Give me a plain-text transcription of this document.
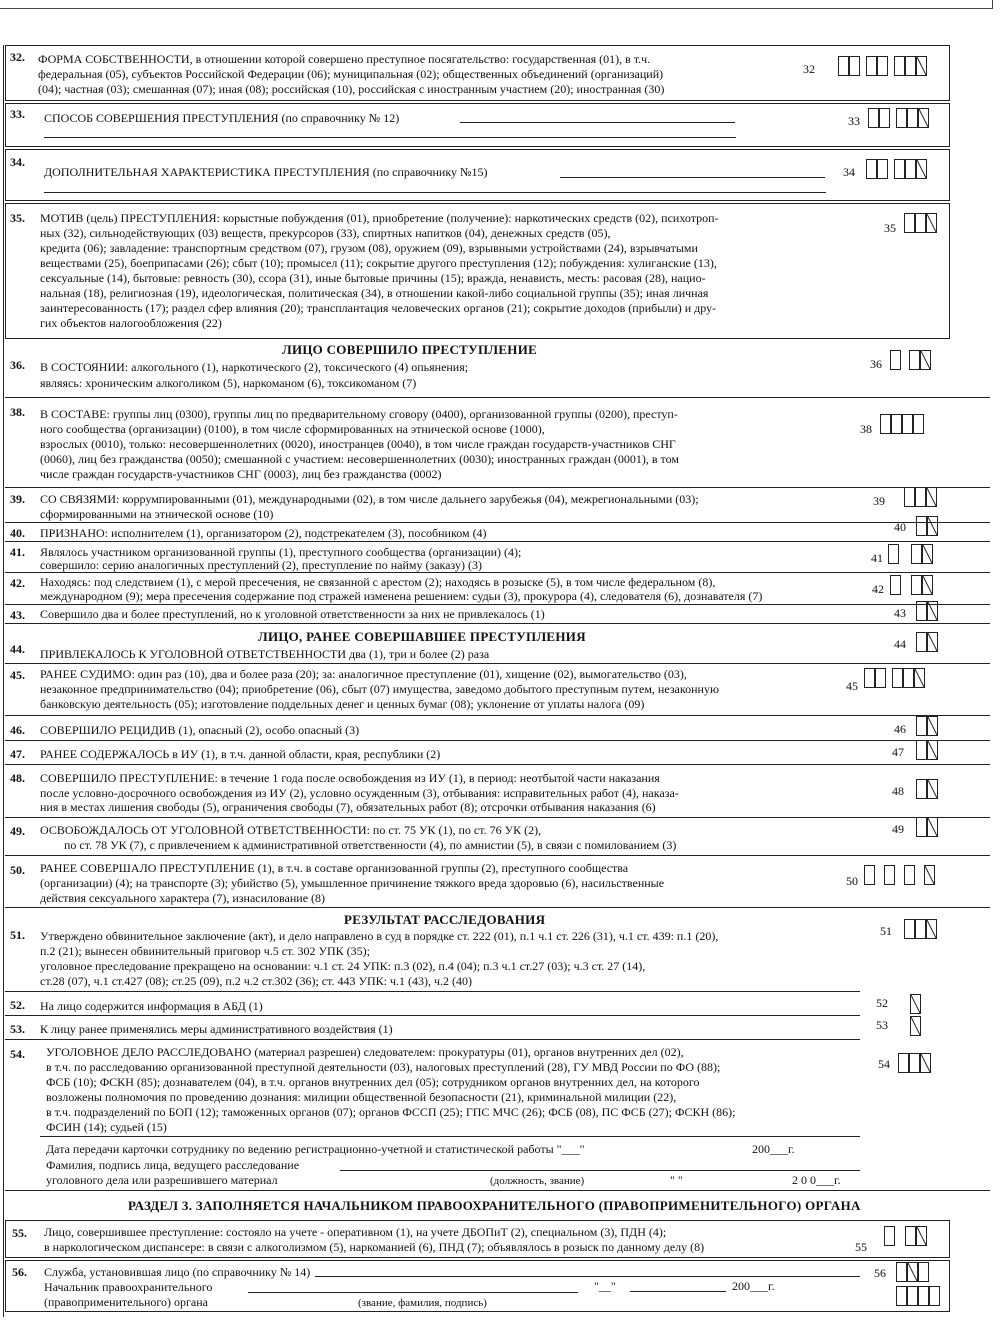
32. ФОРМА СОБСТВЕННОСТИ, в отношении которой совершено преступное посягательство: государственная (01), в т.ч.
федеральная (05), субъектов Российской Федерации (06); муниципальная (02); общественных объединений (организаций)
(04); частная (03); смешанная (07); иная (08); российская (10), российская с иностранным участием (20); иностранная (30)
32
33. СПОСОБ СОВЕРШЕНИЯ ПРЕСТУПЛЕНИЯ (по справочнику № 12)	33
34.
ДОПОЛНИТЕЛЬНАЯ ХАРАКТЕРИСТИКА ПРЕСТУПЛЕНИЯ (по справочнику №15)	34
35. МОТИВ (цель) ПРЕСТУПЛЕНИЯ: корыстные побуждения (01), приобретение (получение): наркотических средств (02), психотроп-
ных (32), сильнодействующих (03) веществ, прекурсоров (33), спиртных напитков (04), денежных средств (05),
кредита (06); завладение: транспортным средством (07), грузом (08), оружием (09), взрывными устройствами (24), взрывчатыми
веществами (25), боеприпасами (26); сбыт (10); промысел (11); сокрытие другого преступления (12); побуждения: хулиганские (13),
сексуальные (14), бытовые: ревность (30), ссора (31), иные бытовые причины (15); вражда, ненависть, месть: расовая (28), нацио-
нальная (18), религиозная (19), идеологическая, политическая (34), в отношении какой-либо социальной группы (35); иная личная
заинтересованность (17); раздел сфер влияния (20); трансплантация человеческих органов (21); сокрытие доходов (прибыли) и дру-
гих объектов налогообложения (22)
35
ЛИЦО СОВЕРШИЛО ПРЕСТУПЛЕНИЕ
36. В СОСТОЯНИИ: алкогольного (1), наркотического (2), токсического (4) опьянения;
являясь: хроническим алкоголиком (5), наркоманом (6), токсикоманом (7)
36
38. В СОСТАВЕ: группы лиц (0300), группы лиц по предварительному сговору (0400), организованной группы (0200), преступ-
ного сообщества (организации) (0100), в том числе сформированных на этнической основе (1000),
взрослых (0010), только: несовершеннолетних (0020), иностранцев (0040), в том числе граждан государств-участников СНГ
(0060), лиц без гражданства (0050); смешанной с участием: несовершеннолетних (0030); иностранных граждан (0001), в том
числе граждан государств-участников СНГ (0003), лиц без гражданства (0002)
38
39. СО СВЯЗЯМИ: коррумпированными (01), международными (02), в том числе дальнего зарубежья (04), межрегиональными (03);
сформированными на этнической основе (10)
39
40. ПРИЗНАНО: исполнителем (1), организатором (2), подстрекателем (3), пособником (4)	40
41. Являлось участником организованной группы (1), преступного сообщества (организации) (4);
совершило: серию аналогичных преступлений (2), преступление по найму (заказу) (3)	41
42. Находясь: под следствием (1), с мерой пресечения, не связанной с арестом (2); находясь в розыске (5), в том числе федеральном (8),
международном (9); мера пресечения содержание под стражей изменена решением: судьи (3), прокурора (4), следователя (6), дознавателя (7)	42
43. Совершило два и более преступлений, но к уголовной ответственности за них не привлекалось (1)	43
ЛИЦО, РАНЕЕ СОВЕРШАВШЕЕ ПРЕСТУПЛЕНИЯ
44. ПРИВЛЕКАЛОСЬ К УГОЛОВНОЙ ОТВЕТСТВЕННОСТИ два (1), три и более (2) раза
44
45. РАНЕЕ СУДИМО: один раз (10), два и более раза (20); за: аналогичное преступление (01), хищение (02), вымогательство (03),
незаконное предпринимательство (04); приобретение (06), сбыт (07) имущества, заведомо добытого преступным путем, незаконную
банковскую деятельность (05); изготовление поддельных денег и ценных бумаг (08); уклонение от уплаты налога (09)
45
46. СОВЕРШИЛО РЕЦИДИВ (1), опасный (2), особо опасный (3)	46
47. РАНЕЕ СОДЕРЖАЛОСЬ в ИУ (1), в т.ч. данной области, края, республики (2)	47
48. СОВЕРШИЛО ПРЕСТУПЛЕНИЕ: в течение 1 года после освобождения из ИУ (1), в период: неотбытой части наказания
после условно-досрочного освобождения из ИУ (2), условно осужденным (3), отбывания: исправительных работ (4), наказа-
ния в местах лишения свободы (5), ограничения свободы (7), обязательных работ (8); отсрочки отбывания наказания (6)
48
49. ОСВОБОЖДАЛОСЬ ОТ УГОЛОВНОЙ ОТВЕТСТВЕННОСТИ: по ст. 75 УК (1), по ст. 76 УК (2),
по ст. 78 УК (7), с привлечением к административной ответственности (4), по амнистии (5), в связи с помилованием (3)
49
50. РАНЕЕ СОВЕРШАЛО ПРЕСТУПЛЕНИЕ (1), в т.ч. в составе организованной группы (2), преступного сообщества
(организации) (4); на транспорте (3); убийство (5), умышленное причинение тяжкого вреда здоровью (6), насильственные
действия сексуального характера (7), изнасилование (8)
50
РЕЗУЛЬТАТ РАССЛЕДОВАНИЯ
51. Утверждено обвинительное заключение (акт), и дело направлено в суд в порядке ст. 222 (01), п.1 ч.1 ст. 226 (31), ч.1 ст. 439: п.1 (20),
п.2 (21); вынесен обвинительный приговор ч.5 ст. 302 УПК (35);
уголовное преследование прекращено на основании: ч.1 ст. 24 УПК: п.3 (02), п.4 (04); п.3 ч.1 ст.27 (03); ч.3 ст. 27 (14),
ст.28 (07), ч.1 ст.427 (08); ст.25 (09), п.2 ч.2 ст.302 (36); ст. 443 УПК: ч.1 (43), ч.2 (40)
51
52. На лицо содержится информация в АБД (1)	52
53. К лицу ранее применялись меры административного воздействия (1)	53
54. УГОЛОВНОЕ ДЕЛО РАССЛЕДОВАНО (материал разрешен) следователем: прокуратуры (01), органов внутренних дел (02),
в т.ч. по расследованию организованной преступной деятельности (03), налоговых преступлений (28), ГУ МВД России по ФО (88);
ФСБ (10); ФСКН (85); дознавателем (04), в т.ч. органов внутренних дел (05); сотрудником органов внутренних дел, на которого
возложены полномочия по проведению дознания: милиции общественной безопасности (21), криминальной милиции (22),
в т.ч. подразделений по БОП (12); таможенных органов (07); органов ФССП (25); ГПС МЧС (26); ФСБ (08), ПС ФСБ (27); ФСКН (86);
ФСИН (14); судьей (15)
54
Дата передачи карточки сотруднику по ведению регистрационно-учетной и статистической работы "___"	200___г.
Фамилия, подпись лица, ведущего расследование
уголовного дела или разрешившего материал	(должность, звание)	" "	2 0 0___г.
РАЗДЕЛ 3. ЗАПОЛНЯЕТСЯ НАЧАЛЬНИКОМ ПРАВООХРАНИТЕЛЬНОГО (ПРАВОПРИМЕНИТЕЛЬНОГО) ОРГАНА
55. Лицо, совершившее преступление: состояло на учете - оперативном (1), на учете ДБОПиТ (2), специальном (3), ПДН (4);
в наркологическом диспансере: в связи с алкоголизмом (5), наркоманией (6), ПНД (7); объявлялось в розыск по данному делу (8)	55
56. Служба, установившая лицо (по справочнику № 14)
Начальник правоохранительного
(правоприменительного) органа	(звание, фамилия, подпись)
"__"	200___г.
56
